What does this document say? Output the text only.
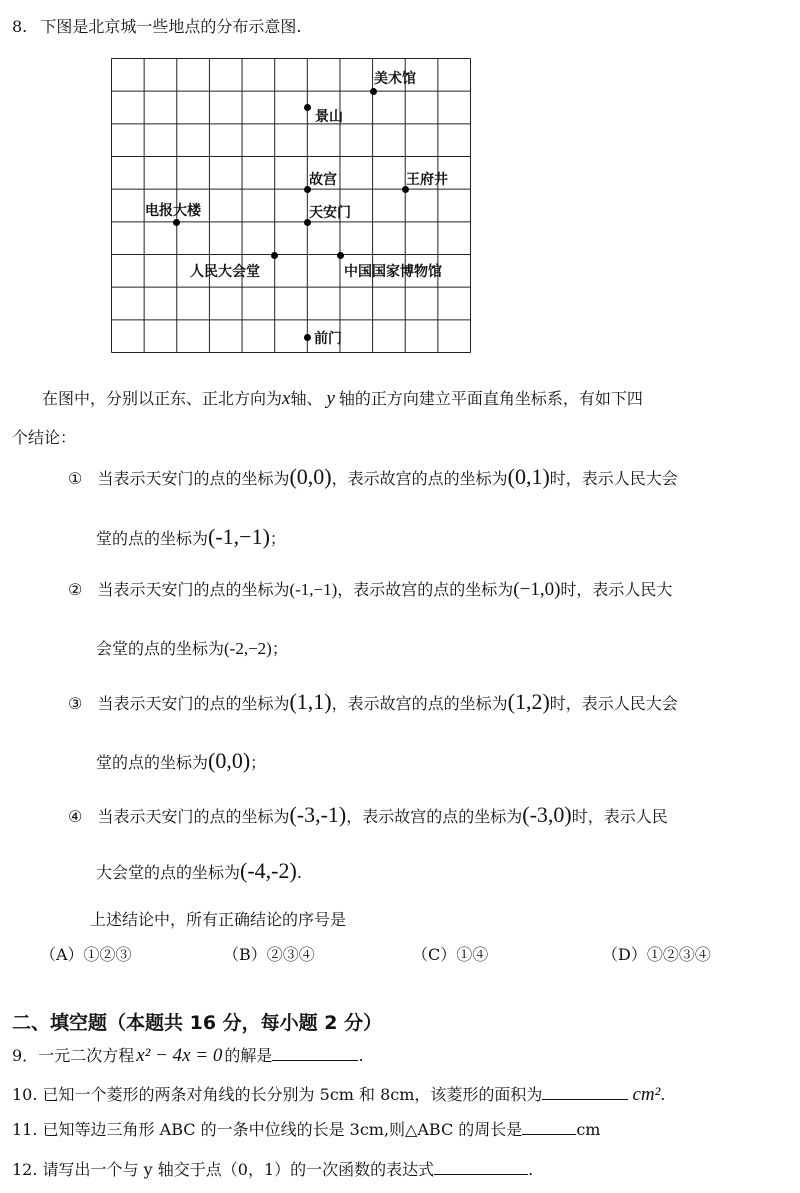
8. 下图是北京城一些地点的分布示意图.
美术馆
景山
故宫	王府井
电报大楼	天安门
人民大会堂	中国国家博物馆
前门
在图中，分别以正东、正北方向为x轴、 y 轴的正方向建立平面直角坐标系，有如下四
个结论：
① 当表示天安门的点的坐标为(0,0)，表示故宫的点的坐标为(0,1)时，表示人民大会
堂的点的坐标为(-1,−1)；
② 当表示天安门的点的坐标为(-1,−1)，表示故宫的点的坐标为(−1,0)时，表示人民大
会堂的点的坐标为(-2,−2)；
③ 当表示天安门的点的坐标为(1,1)，表示故宫的点的坐标为(1,2)时，表示人民大会
堂的点的坐标为(0,0)；
④ 当表示天安门的点的坐标为(-3,-1)，表示故宫的点的坐标为(-3,0)时，表示人民
大会堂的点的坐标为(-4,-2).
上述结论中，所有正确结论的序号是
（A）①②③	（B）②③④	（C）①④	（D）①②③④
二、填空题（本题共 16 分，每小题 2 分）
9．一元二次方程 x² − 4x = 0 的解是	.
10. 已知一个菱形的两条对角线的长分别为 5cm 和 8cm，该菱形的面积为	cm².
11. 已知等边三角形 ABC 的一条中位线的长是 3cm,则△ABC 的周长是	cm
12. 请写出一个与 y 轴交于点（0，1）的一次函数的表达式	.
